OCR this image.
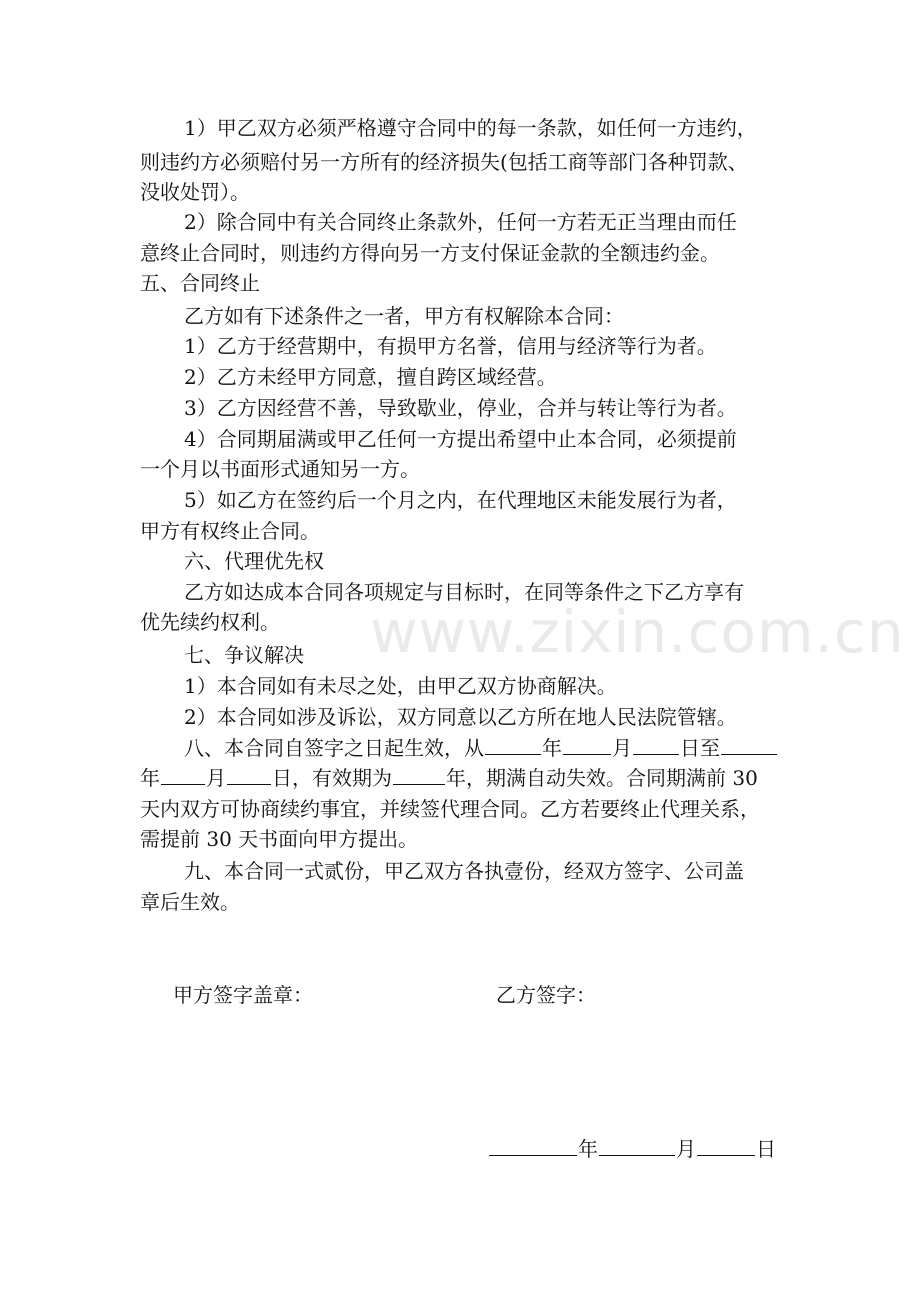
www.zixin.com.cn
1）甲乙双方必须严格遵守合同中的每一条款，如任何一方违约，
则违约方必须赔付另一方所有的经济损失(包括工商等部门各种罚款、
没收处罚）。
2）除合同中有关合同终止条款外，任何一方若无正当理由而任
意终止合同时，则违约方得向另一方支付保证金款的全额违约金。
五、合同终止
乙方如有下述条件之一者，甲方有权解除本合同：
1）乙方于经营期中，有损甲方名誉，信用与经济等行为者。
2）乙方未经甲方同意，擅自跨区域经营。
3）乙方因经营不善，导致歇业，停业，合并与转让等行为者。
4）合同期届满或甲乙任何一方提出希望中止本合同，必须提前
一个月以书面形式通知另一方。
5）如乙方在签约后一个月之内，在代理地区未能发展行为者，
甲方有权终止合同。
六、代理优先权
乙方如达成本合同各项规定与目标时，在同等条件之下乙方享有
优先续约权利。
七、争议解决
1）本合同如有未尽之处，由甲乙双方协商解决。
2）本合同如涉及诉讼，双方同意以乙方所在地人民法院管辖。
八、本合同自签字之日起生效，从	年	月 日至
年 月 日，有效期为	年，期满自动失效。合同期满前 30
天内双方可协商续约事宜，并续签代理合同。乙方若要终止代理关系，
需提前 30 天书面向甲方提出。
九、本合同一式贰份，甲乙双方各执壹份，经双方签字、公司盖
章后生效。
甲方签字盖章：	乙方签字：
年	月	日
